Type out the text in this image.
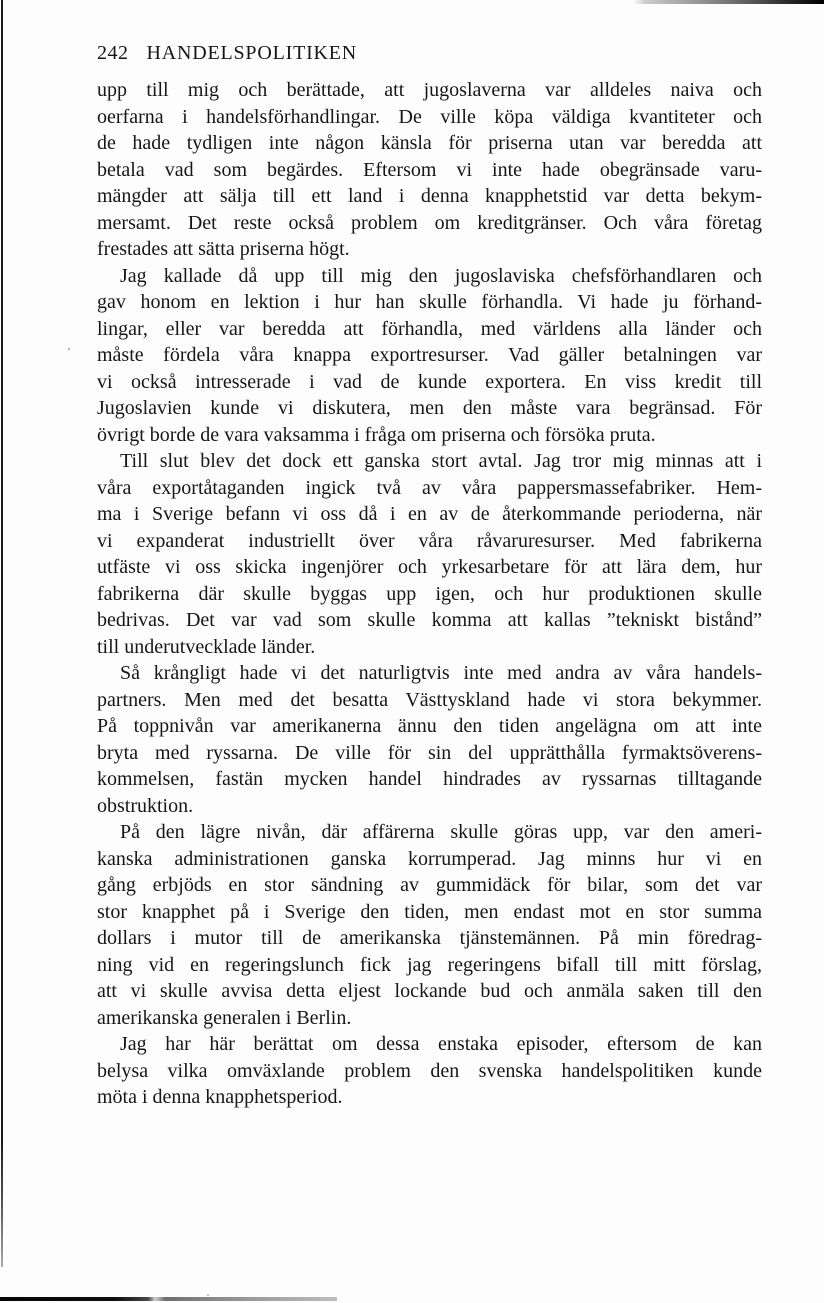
242 HANDELSPOLITIKEN
upp till mig och berättade, att jugoslaverna var alldeles naiva och
oerfarna i handelsförhandlingar. De ville köpa väldiga kvantiteter och
de hade tydligen inte någon känsla för priserna utan var beredda att
betala vad som begärdes. Eftersom vi inte hade obegränsade varu-
mängder att sälja till ett land i denna knapphetstid var detta bekym-
mersamt. Det reste också problem om kreditgränser. Och våra företag
frestades att sätta priserna högt.
Jag kallade då upp till mig den jugoslaviska chefsförhandlaren och
gav honom en lektion i hur han skulle förhandla. Vi hade ju förhand-
lingar, eller var beredda att förhandla, med världens alla länder och
måste fördela våra knappa exportresurser. Vad gäller betalningen var
vi också intresserade i vad de kunde exportera. En viss kredit till
Jugoslavien kunde vi diskutera, men den måste vara begränsad. För
övrigt borde de vara vaksamma i fråga om priserna och försöka pruta.
Till slut blev det dock ett ganska stort avtal. Jag tror mig minnas att i
våra exportåtaganden ingick två av våra pappersmassefabriker. Hem-
ma i Sverige befann vi oss då i en av de återkommande perioderna, när
vi expanderat industriellt över våra råvaruresurser. Med fabrikerna
utfäste vi oss skicka ingenjörer och yrkesarbetare för att lära dem, hur
fabrikerna där skulle byggas upp igen, och hur produktionen skulle
bedrivas. Det var vad som skulle komma att kallas ”tekniskt bistånd”
till underutvecklade länder.
Så krångligt hade vi det naturligtvis inte med andra av våra handels-
partners. Men med det besatta Västtyskland hade vi stora bekymmer.
På toppnivån var amerikanerna ännu den tiden angelägna om att inte
bryta med ryssarna. De ville för sin del upprätthålla fyrmaktsöverens-
kommelsen, fastän mycken handel hindrades av ryssarnas tilltagande
obstruktion.
På den lägre nivån, där affärerna skulle göras upp, var den ameri-
kanska administrationen ganska korrumperad. Jag minns hur vi en
gång erbjöds en stor sändning av gummidäck för bilar, som det var
stor knapphet på i Sverige den tiden, men endast mot en stor summa
dollars i mutor till de amerikanska tjänstemännen. På min föredrag-
ning vid en regeringslunch fick jag regeringens bifall till mitt förslag,
att vi skulle avvisa detta eljest lockande bud och anmäla saken till den
amerikanska generalen i Berlin.
Jag har här berättat om dessa enstaka episoder, eftersom de kan
belysa vilka omväxlande problem den svenska handelspolitiken kunde
möta i denna knapphetsperiod.
